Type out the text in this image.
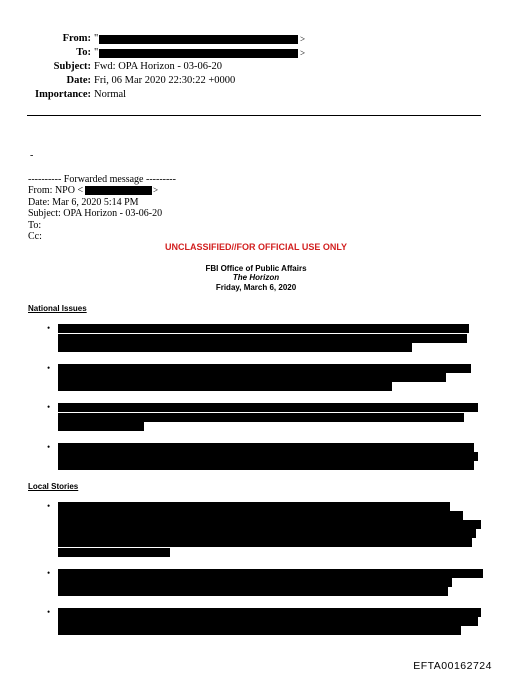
From: "	>
To: "	>
Subject: Fwd: OPA Horizon - 03-06-20
Date: Fri, 06 Mar 2020 22:30:22 +0000
Importance: Normal
-
---------- Forwarded message ---------
From: NPO <	>
Date: Mar 6, 2020 5:14 PM
Subject: OPA Horizon - 03-06-20
To:
Cc:
UNCLASSIFIED//FOR OFFICIAL USE ONLY
FBI Office of Public Affairs
The Horizon
Friday, March 6, 2020
National Issues
•
•
•
•
Local Stories
•
•
•
EFTA00162724
